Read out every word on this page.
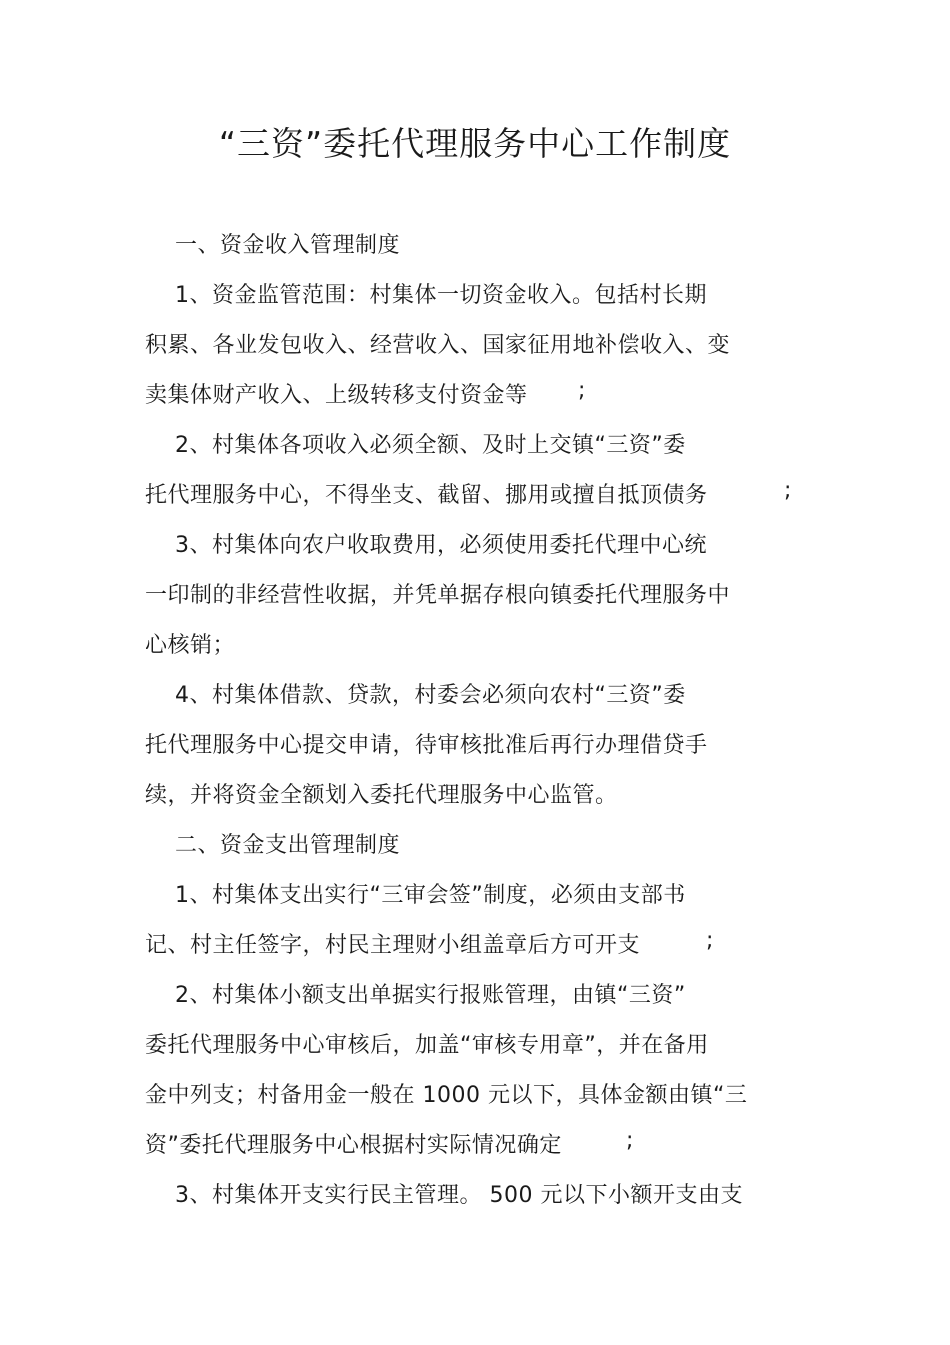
“三资”委托代理服务中心工作制度
一、资金收入管理制度
1、资金监管范围：村集体一切资金收入。包括村长期
积累、各业发包收入、经营收入、国家征用地补偿收入、变
卖集体财产收入、上级转移支付资金等 ;
2、村集体各项收入必须全额、及时上交镇“三资”委
托代理服务中心，不得坐支、截留、挪用或擅自抵顶债务	;
3、村集体向农户收取费用，必须使用委托代理中心统
一印制的非经营性收据，并凭单据存根向镇委托代理服务中
心核销；
4、村集体借款、贷款，村委会必须向农村“三资”委
托代理服务中心提交申请，待审核批准后再行办理借贷手
续，并将资金全额划入委托代理服务中心监管。
二、资金支出管理制度
1、村集体支出实行“三审会签”制度，必须由支部书
记、村主任签字，村民主理财小组盖章后方可开支	;
2、村集体小额支出单据实行报账管理，由镇“三资”
委托代理服务中心审核后，加盖“审核专用章”，并在备用
金中列支；村备用金一般在 1000 元以下，具体金额由镇“三
资”委托代理服务中心根据村实际情况确定	;
3、村集体开支实行民主管理。 500 元以下小额开支由支
